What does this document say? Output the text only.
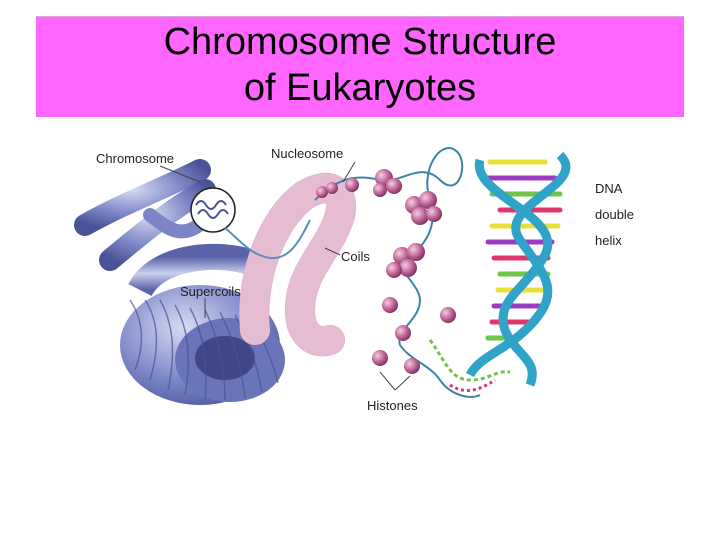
Chromosome Structure
of Eukaryotes
Chromosome	Nucleosome
DNA
double
helix
Coils
Supercoils
Histones
